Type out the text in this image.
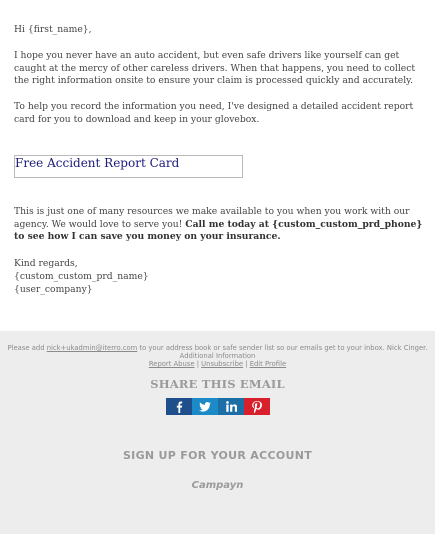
Hi {first_name},

I hope you never have an auto accident, but even safe drivers like yourself can get caught at the mercy of other careless drivers. When that happens, you need to collect the right information onsite to ensure your claim is processed quickly and accurately.

To help you record the information you need, I've designed a detailed accident report card for you to download and keep in your glovebox.

Free Accident Report Card

This is just one of many resources we make available to you when you work with our agency. We would love to serve you! Call me today at {custom_custom_prd_phone} to see how I can save you money on your insurance.

Kind regards,

{custom_custom_prd_name}

{user_company}

Please add nick+ukadmin@iterro.com to your address book or safe sender list so our emails get to your inbox. Nick Cinger.
Additional Information
Report Abuse | Unsubscribe | Edit Profile
SHARE THIS EMAIL
SIGN UP FOR YOUR ACCOUNT
Campayn
